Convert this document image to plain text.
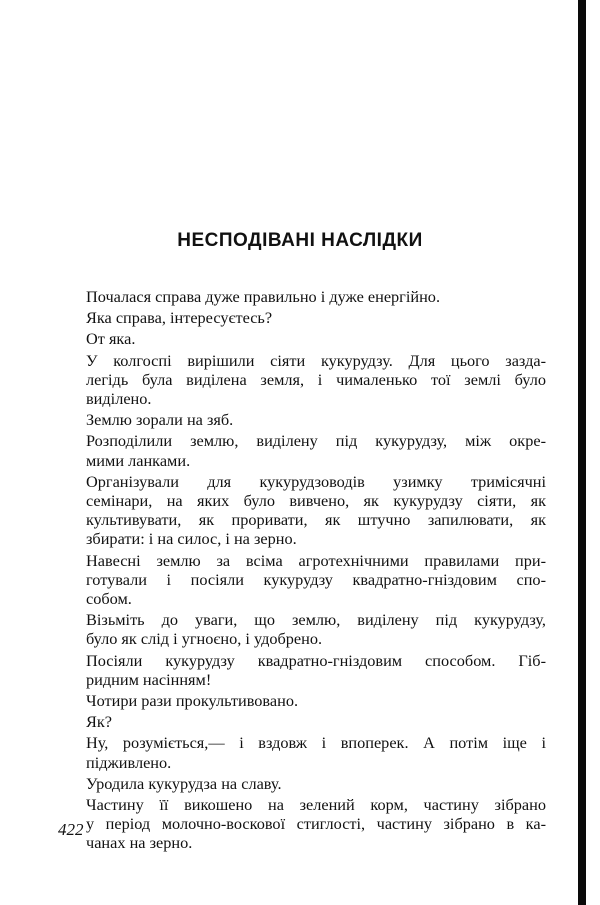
НЕСПОДІВАНІ НАСЛІДКИ

Почалася справа дуже правильно і дуже енергійно.

Яка справа, інтересуєтесь?

От яка.

У колгоспі вирішили сіяти кукурудзу. Для цього зазда-
легідь була виділена земля, і чималенько тої землі було
виділено.

Землю зорали на зяб.

Розподілили землю, виділену під кукурудзу, між окре-
мими ланками.

Організували для кукурудзоводів узимку тримісячні
семінари, на яких було вивчено, як кукурудзу сіяти, як
культивувати, як проривати, як штучно запилювати, як
збирати: і на силос, і на зерно.

Навесні землю за всіма агротехнічними правилами при-
готували і посіяли кукурудзу квадратно-гніздовим спо-
собом.

Візьміть до уваги, що землю, виділену під кукурудзу,
було як слід і угноєно, і удобрено.

Посіяли кукурудзу квадратно-гніздовим способом. Гіб-
ридним насінням!

Чотири рази прокультивовано.

Як?

Ну, розуміється,— і вздовж і впоперек. А потім іще і
підживлено.

Уродила кукурудза на славу.

Частину її викошено на зелений корм, частину зібрано
у період молочно-воскової стиглості, частину зібрано в ка-
чанах на зерно.

422
